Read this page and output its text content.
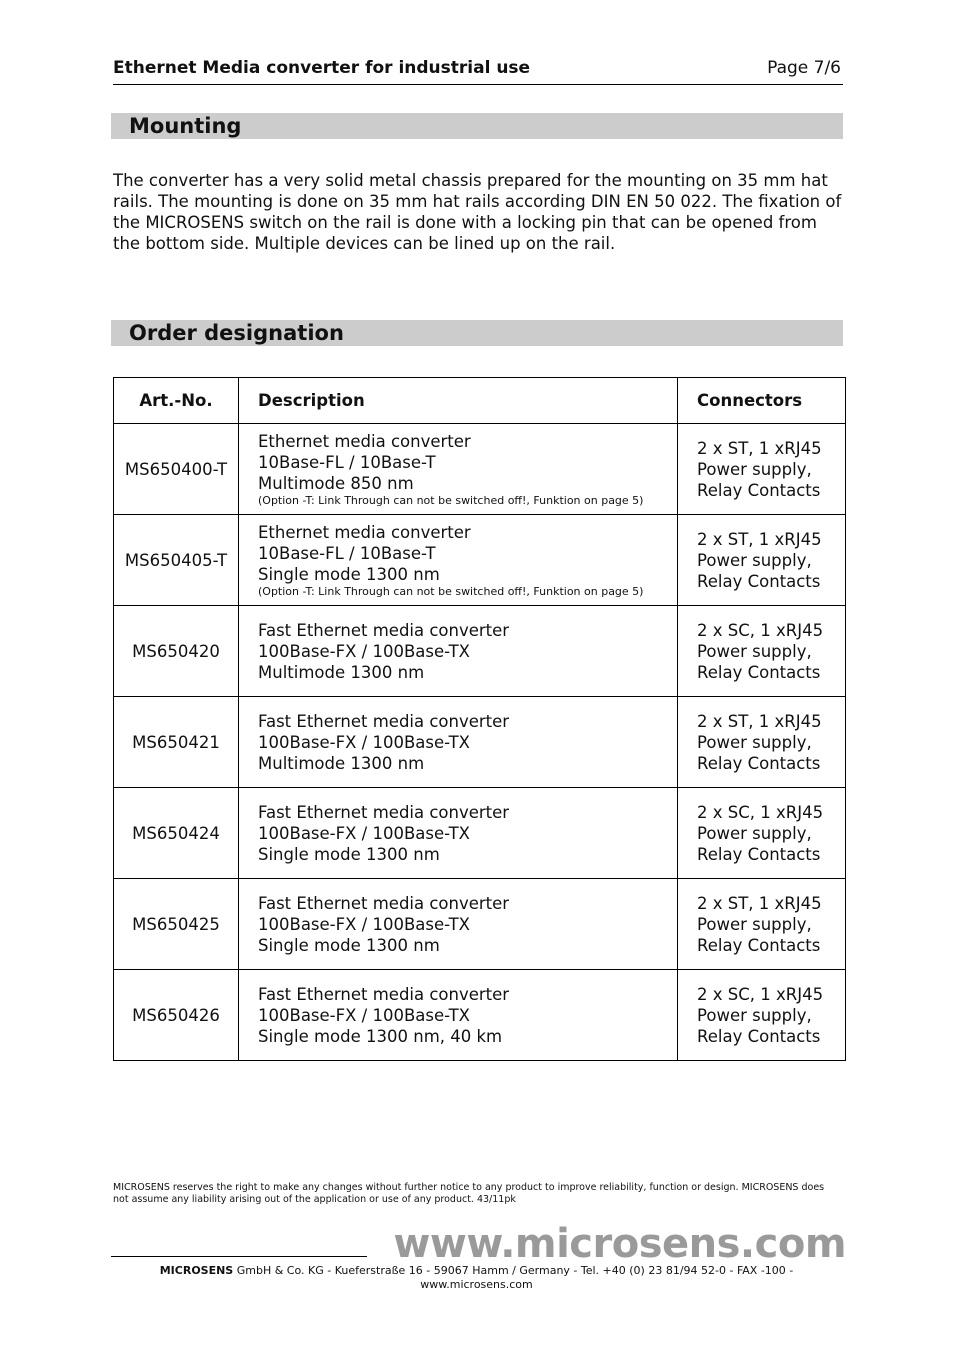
Ethernet Media converter for industrial use	Page 7/6
Mounting

The converter has a very solid metal chassis prepared for the mounting on 35 mm hat rails. The mounting is done on 35 mm hat rails according DIN EN 50 022. The fixation of the MICROSENS switch on the rail is done with a locking pin that can be opened from the bottom side. Multiple devices can be lined up on the rail.

Order designation
Art.-No.	Description	Connectors
MS650400-T	Ethernet media converter
10Base-FL / 10Base-T
Multimode 850 nm
(Option -T: Link Through can not be switched off!, Funktion on page 5)	2 x ST, 1 xRJ45
Power supply,
Relay Contacts

MS650405-T	Ethernet media converter
10Base-FL / 10Base-T
Single mode 1300 nm
(Option -T: Link Through can not be switched off!, Funktion on page 5)	2 x ST, 1 xRJ45
Power supply,
Relay Contacts

MS650420	Fast Ethernet media converter
100Base-FX / 100Base-TX
Multimode 1300 nm	2 x SC, 1 xRJ45
Power supply,
Relay Contacts

MS650421	Fast Ethernet media converter
100Base-FX / 100Base-TX
Multimode 1300 nm	2 x ST, 1 xRJ45
Power supply,
Relay Contacts

MS650424	Fast Ethernet media converter
100Base-FX / 100Base-TX
Single mode 1300 nm	2 x SC, 1 xRJ45
Power supply,
Relay Contacts

MS650425	Fast Ethernet media converter
100Base-FX / 100Base-TX
Single mode 1300 nm	2 x ST, 1 xRJ45
Power supply,
Relay Contacts

MS650426	Fast Ethernet media converter
100Base-FX / 100Base-TX
Single mode 1300 nm, 40 km	2 x SC, 1 xRJ45
Power supply,
Relay Contacts

MICROSENS reserves the right to make any changes without further notice to any product to improve reliability, function or design. MICROSENS does not assume any liability arising out of the application or use of any product. 43/11pk

www.microsens.com
MICROSENS GmbH & Co. KG - Kueferstraße 16 - 59067 Hamm / Germany - Tel. +40 (0) 23 81/94 52-0 - FAX -100 - www.microsens.com
